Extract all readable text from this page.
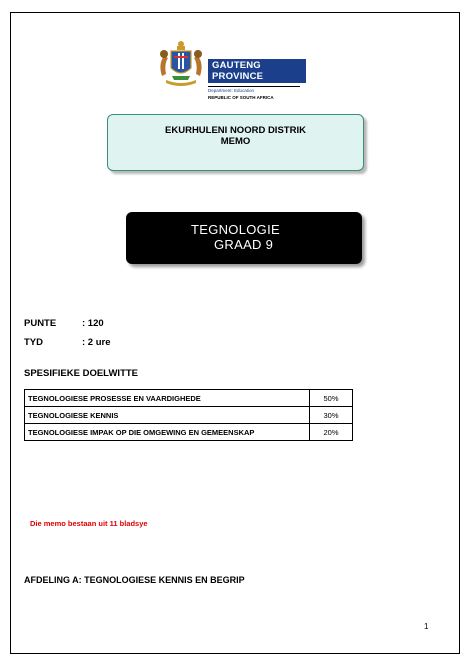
GAUTENG PROVINCE
Department: Education
REPUBLIC OF SOUTH AFRICA
EKURHULENI NOORD DISTRIK
MEMO
TEGNOLOGIE
GRAAD 9
PUNTE	: 120
TYD	: 2 ure
SPESIFIEKE DOELWITTE
TEGNOLOGIESE PROSESSE EN VAARDIGHEDE	50%
TEGNOLOGIESE KENNIS	30%
TEGNOLOGIESE IMPAK OP DIE OMGEWING EN GEMEENSKAP	20%
Die memo bestaan uit 11 bladsye
AFDELING A: TEGNOLOGIESE KENNIS EN BEGRIP
1
